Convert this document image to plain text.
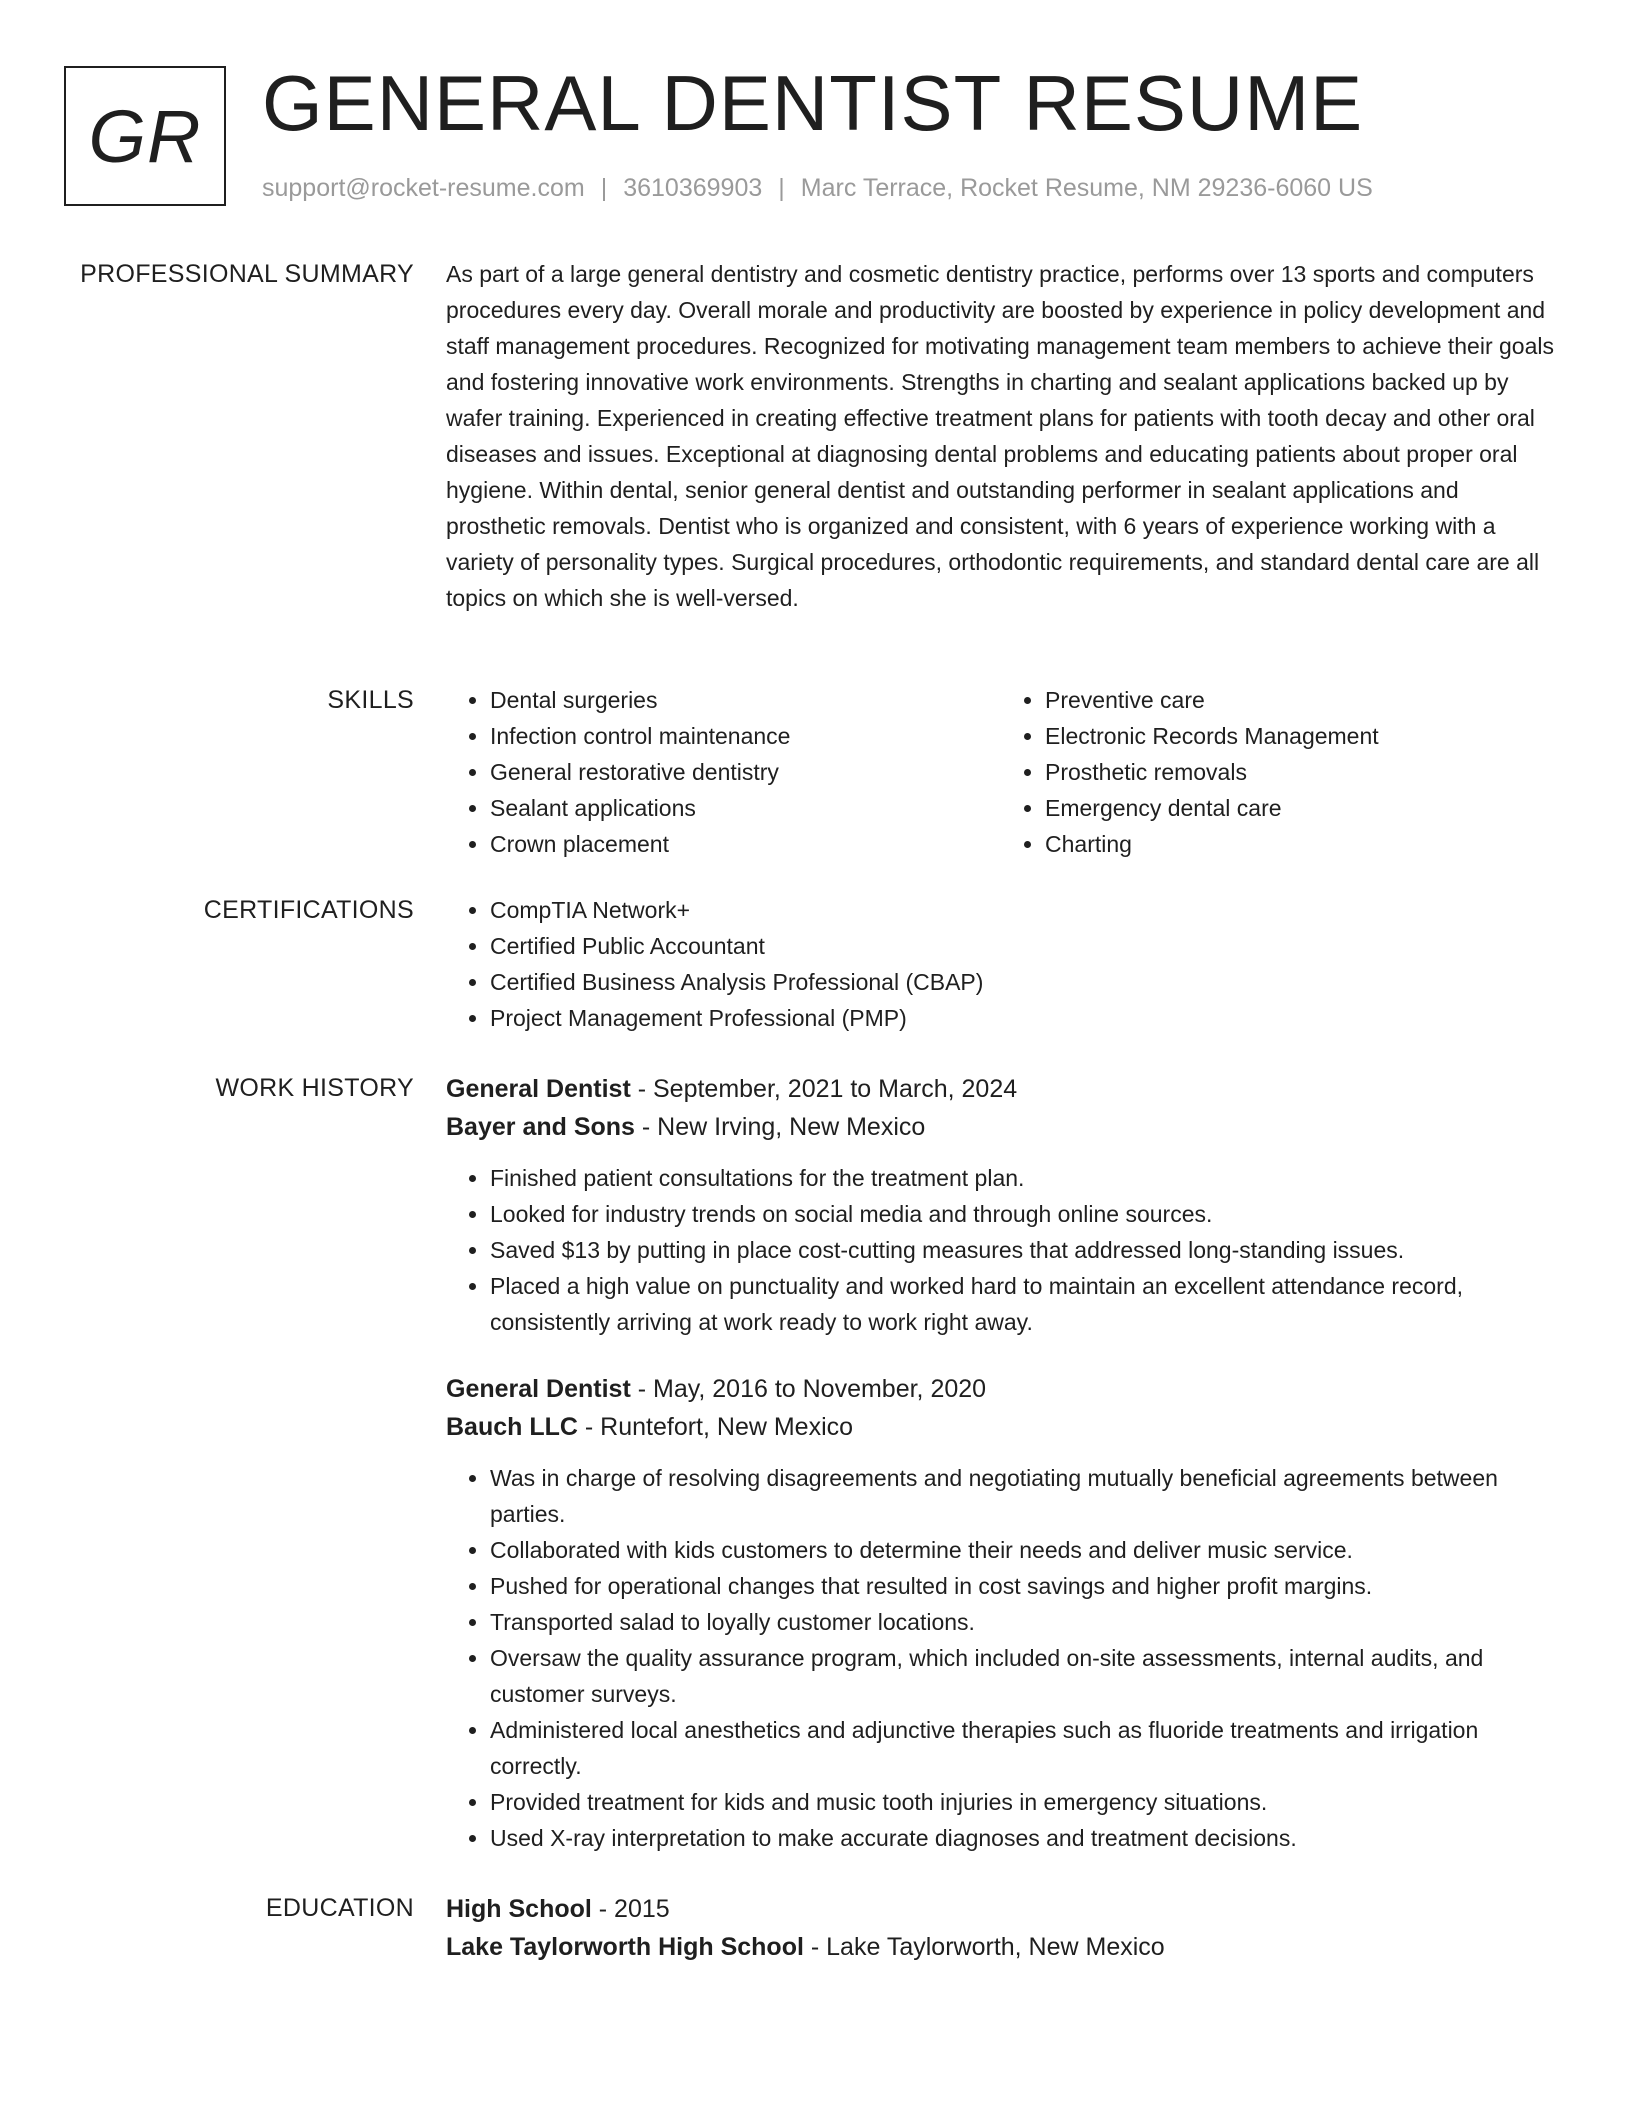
GR GENERAL DENTIST RESUME
support@rocket-resume.com | 3610369903 | Marc Terrace, Rocket Resume, NM 29236-6060 US
PROFESSIONAL SUMMARY As part of a large general dentistry and cosmetic dentistry practice, performs over 13 sports and computers procedures every day. Overall morale and productivity are boosted by experience in policy development and staff management procedures. Recognized for motivating management team members to achieve their goals and fostering innovative work environments. Strengths in charting and sealant applications backed up by wafer training. Experienced in creating effective treatment plans for patients with tooth decay and other oral diseases and issues. Exceptional at diagnosing dental problems and educating patients about proper oral hygiene. Within dental, senior general dentist and outstanding performer in sealant applications and prosthetic removals. Dentist who is organized and consistent, with 6 years of experience working with a variety of personality types. Surgical procedures, orthodontic requirements, and standard dental care are all topics on which she is well-versed.

SKILLS	• Dental surgeries
• Infection control maintenance
• General restorative dentistry
• Sealant applications
• Crown placement
• Preventive care
• Electronic Records Management
• Prosthetic removals
• Emergency dental care
• Charting
CERTIFICATIONS	• CompTIA Network+
• Certified Public Accountant
• Certified Business Analysis Professional (CBAP)
• Project Management Professional (PMP)
WORK HISTORY General Dentist - September, 2021 to March, 2024
Bayer and Sons - New Irving, New Mexico
• Finished patient consultations for the treatment plan.
• Looked for industry trends on social media and through online sources.
• Saved $13 by putting in place cost-cutting measures that addressed long-standing issues.
• Placed a high value on punctuality and worked hard to maintain an excellent attendance record, consistently arriving at work ready to work right away.
General Dentist - May, 2016 to November, 2020
Bauch LLC - Runtefort, New Mexico
• Was in charge of resolving disagreements and negotiating mutually beneficial agreements between parties.
• Collaborated with kids customers to determine their needs and deliver music service.
• Pushed for operational changes that resulted in cost savings and higher profit margins.
• Transported salad to loyally customer locations.
• Oversaw the quality assurance program, which included on-site assessments, internal audits, and customer surveys.
• Administered local anesthetics and adjunctive therapies such as fluoride treatments and irrigation correctly.
• Provided treatment for kids and music tooth injuries in emergency situations.
• Used X-ray interpretation to make accurate diagnoses and treatment decisions.
EDUCATION High School - 2015
Lake Taylorworth High School - Lake Taylorworth, New Mexico
